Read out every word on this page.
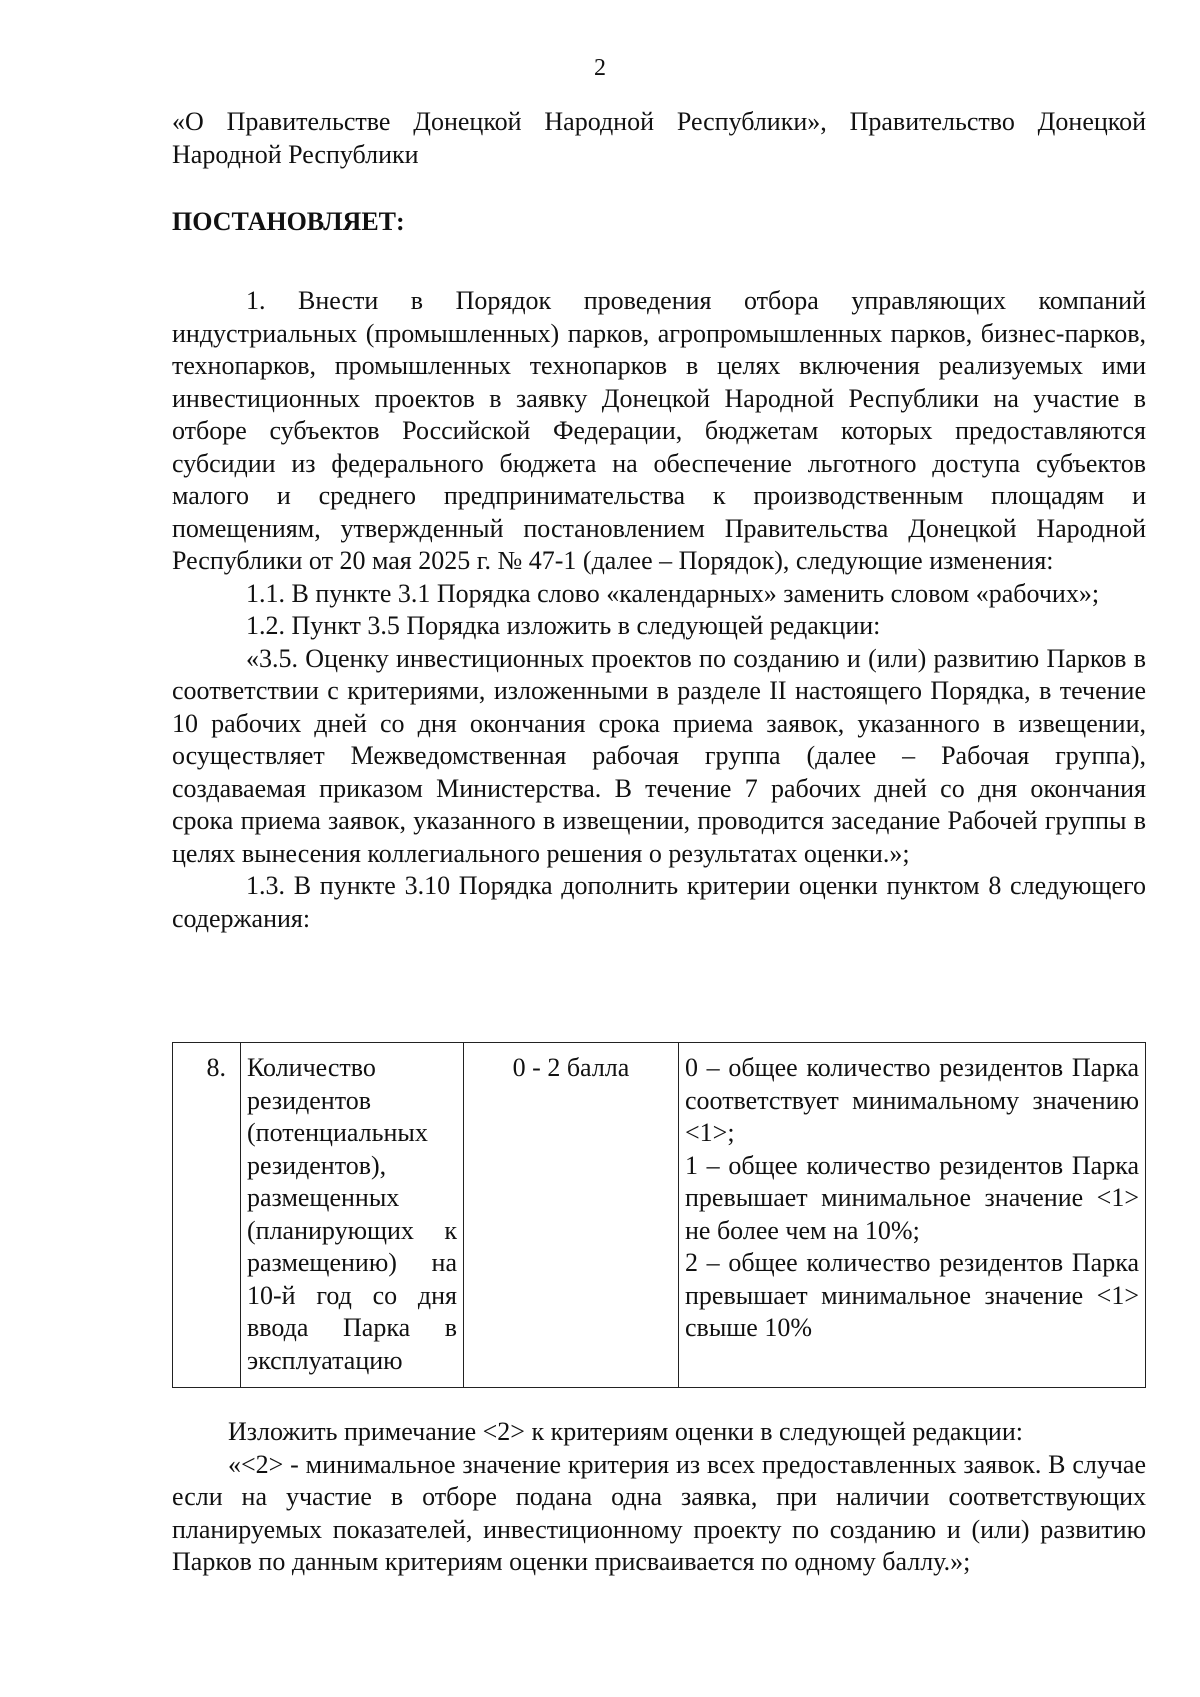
2

«О Правительстве Донецкой Народной Республики», Правительство Донецкой Народной Республики

ПОСТАНОВЛЯЕТ:

1. Внести в Порядок проведения отбора управляющих компаний индустриальных (промышленных) парков, агропромышленных парков, бизнес-парков, технопарков, промышленных технопарков в целях включения реализуемых ими инвестиционных проектов в заявку Донецкой Народной Республики на участие в отборе субъектов Российской Федерации, бюджетам которых предоставляются субсидии из федерального бюджета на обеспечение льготного доступа субъектов малого и среднего предпринимательства к производственным площадям и помещениям, утвержденный постановлением Правительства Донецкой Народной Республики от 20 мая 2025 г. № 47-1 (далее – Порядок), следующие изменения:

1.1. В пункте 3.1 Порядка слово «календарных» заменить словом «рабочих»;

1.2. Пункт 3.5 Порядка изложить в следующей редакции:

«3.5. Оценку инвестиционных проектов по созданию и (или) развитию Парков в соответствии с критериями, изложенными в разделе II настоящего Порядка, в течение 10 рабочих дней со дня окончания срока приема заявок, указанного в извещении, осуществляет Межведомственная рабочая группа (далее – Рабочая группа), создаваемая приказом Министерства. В течение 7 рабочих дней со дня окончания срока приема заявок, указанного в извещении, проводится заседание Рабочей группы в целях вынесения коллегиального решения о результатах оценки.»;

1.3. В пункте 3.10 Порядка дополнить критерии оценки пунктом 8 следующего содержания:

8.	Количество резидентов (потенциальных резидентов), размещенных (планирующих к размещению) на 10-й год со дня ввода Парка в эксплуатацию	0 - 2 балла	0 – общее количество резидентов Парка соответствует минимальному значению <1>;
1 – общее количество резидентов Парка превышает минимальное значение <1> не более чем на 10%;
2 – общее количество резидентов Парка превышает минимальное значение <1> свыше 10%

Изложить примечание <2> к критериям оценки в следующей редакции:

«<2> - минимальное значение критерия из всех предоставленных заявок. В случае если на участие в отборе подана одна заявка, при наличии соответствующих планируемых показателей, инвестиционному проекту по созданию и (или) развитию Парков по данным критериям оценки присваивается по одному баллу.»;
